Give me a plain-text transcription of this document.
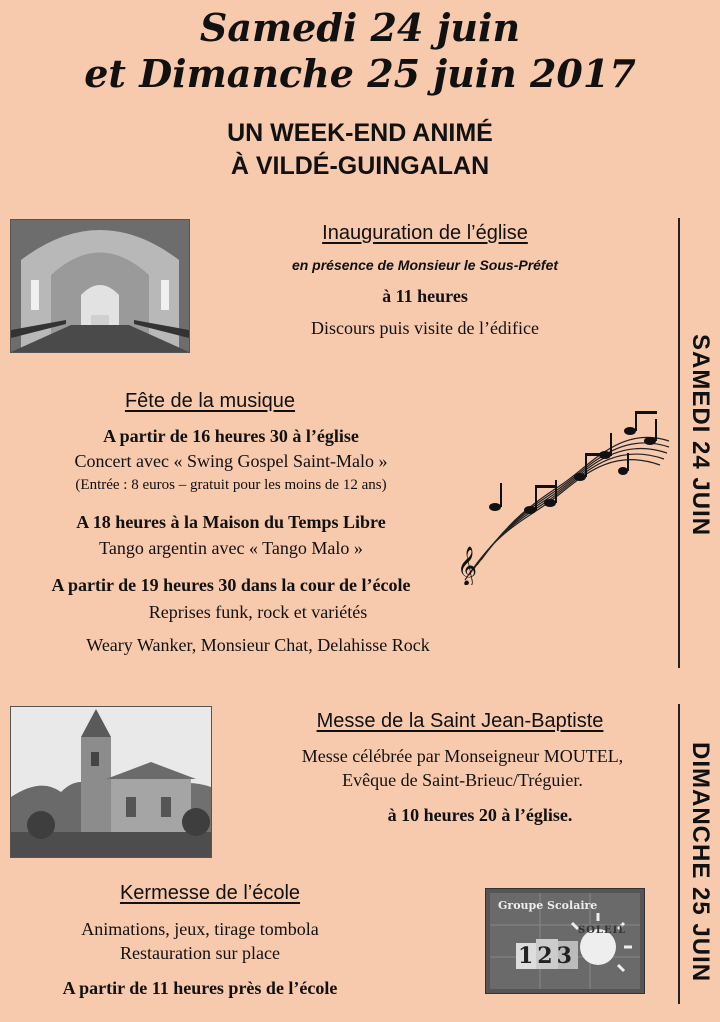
Samedi 24 juin
et Dimanche 25 juin 2017
UN WEEK-END ANIMÉ
À VILDÉ-GUINGALAN
Inauguration de l’église
en présence de Monsieur le Sous-Préfet
à 11 heures
Discours puis visite de l’édifice
Fête de la musique
A partir de 16 heures 30 à l’église
Concert avec « Swing Gospel Saint-Malo »
(Entrée : 8 euros – gratuit pour les moins de 12 ans)
A 18 heures à la Maison du Temps Libre
Tango argentin avec « Tango Malo »
A partir de 19 heures 30 dans la cour de l’école
Reprises funk, rock et variétés
Weary Wanker, Monsieur Chat, Delahisse Rock
𝄞
SAMEDI 24 JUIN
Messe de la Saint Jean-Baptiste
Messe célébrée par Monseigneur MOUTEL,
Evêque de Saint-Brieuc/Tréguier.
à 10 heures 20 à l’église.
Kermesse de l’école
Animations, jeux, tirage tombola
Restauration sur place
A partir de 11 heures près de l’école
Groupe Scolaire
123
SOLEIL	DIMANCHE 25 JUIN
